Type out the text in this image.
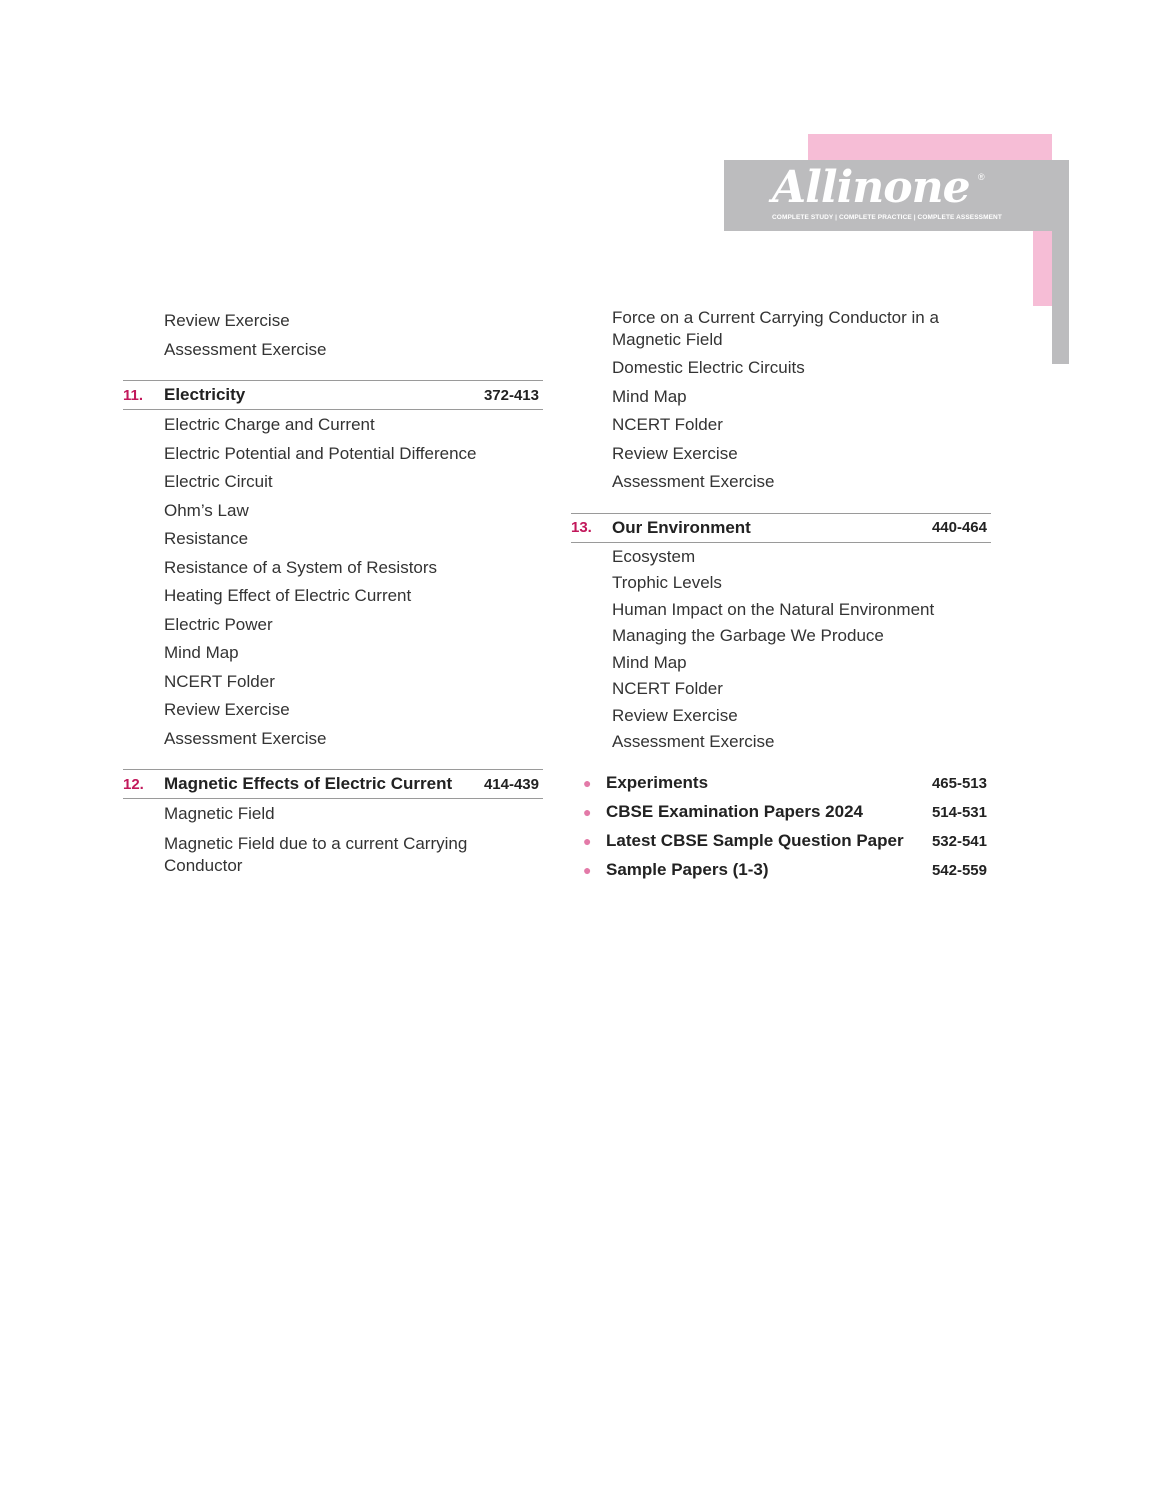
Allinone ®
COMPLETE STUDY | COMPLETE PRACTICE | COMPLETE ASSESSMENT
Review Exercise
Assessment Exercise
11.	Electricity	372-413
Electric Charge and Current
Electric Potential and Potential Difference
Electric Circuit
Ohm’s Law
Resistance
Resistance of a System of Resistors
Heating Effect of Electric Current
Electric Power
Mind Map
NCERT Folder
Review Exercise
Assessment Exercise
12.	Magnetic Effects of Electric Current	414-439
Magnetic Field
Magnetic Field due to a current Carrying Conductor
Force on a Current Carrying Conductor in a Magnetic Field
Domestic Electric Circuits
Mind Map
NCERT Folder
Review Exercise
Assessment Exercise
13.	Our Environment	440-464
Ecosystem
Trophic Levels
Human Impact on the Natural Environment
Managing the Garbage We Produce
Mind Map
NCERT Folder
Review Exercise
Assessment Exercise
● Experiments	465-513
● CBSE Examination Papers 2024	514-531
● Latest CBSE Sample Question Paper	532-541
● Sample Papers (1-3)	542-559
